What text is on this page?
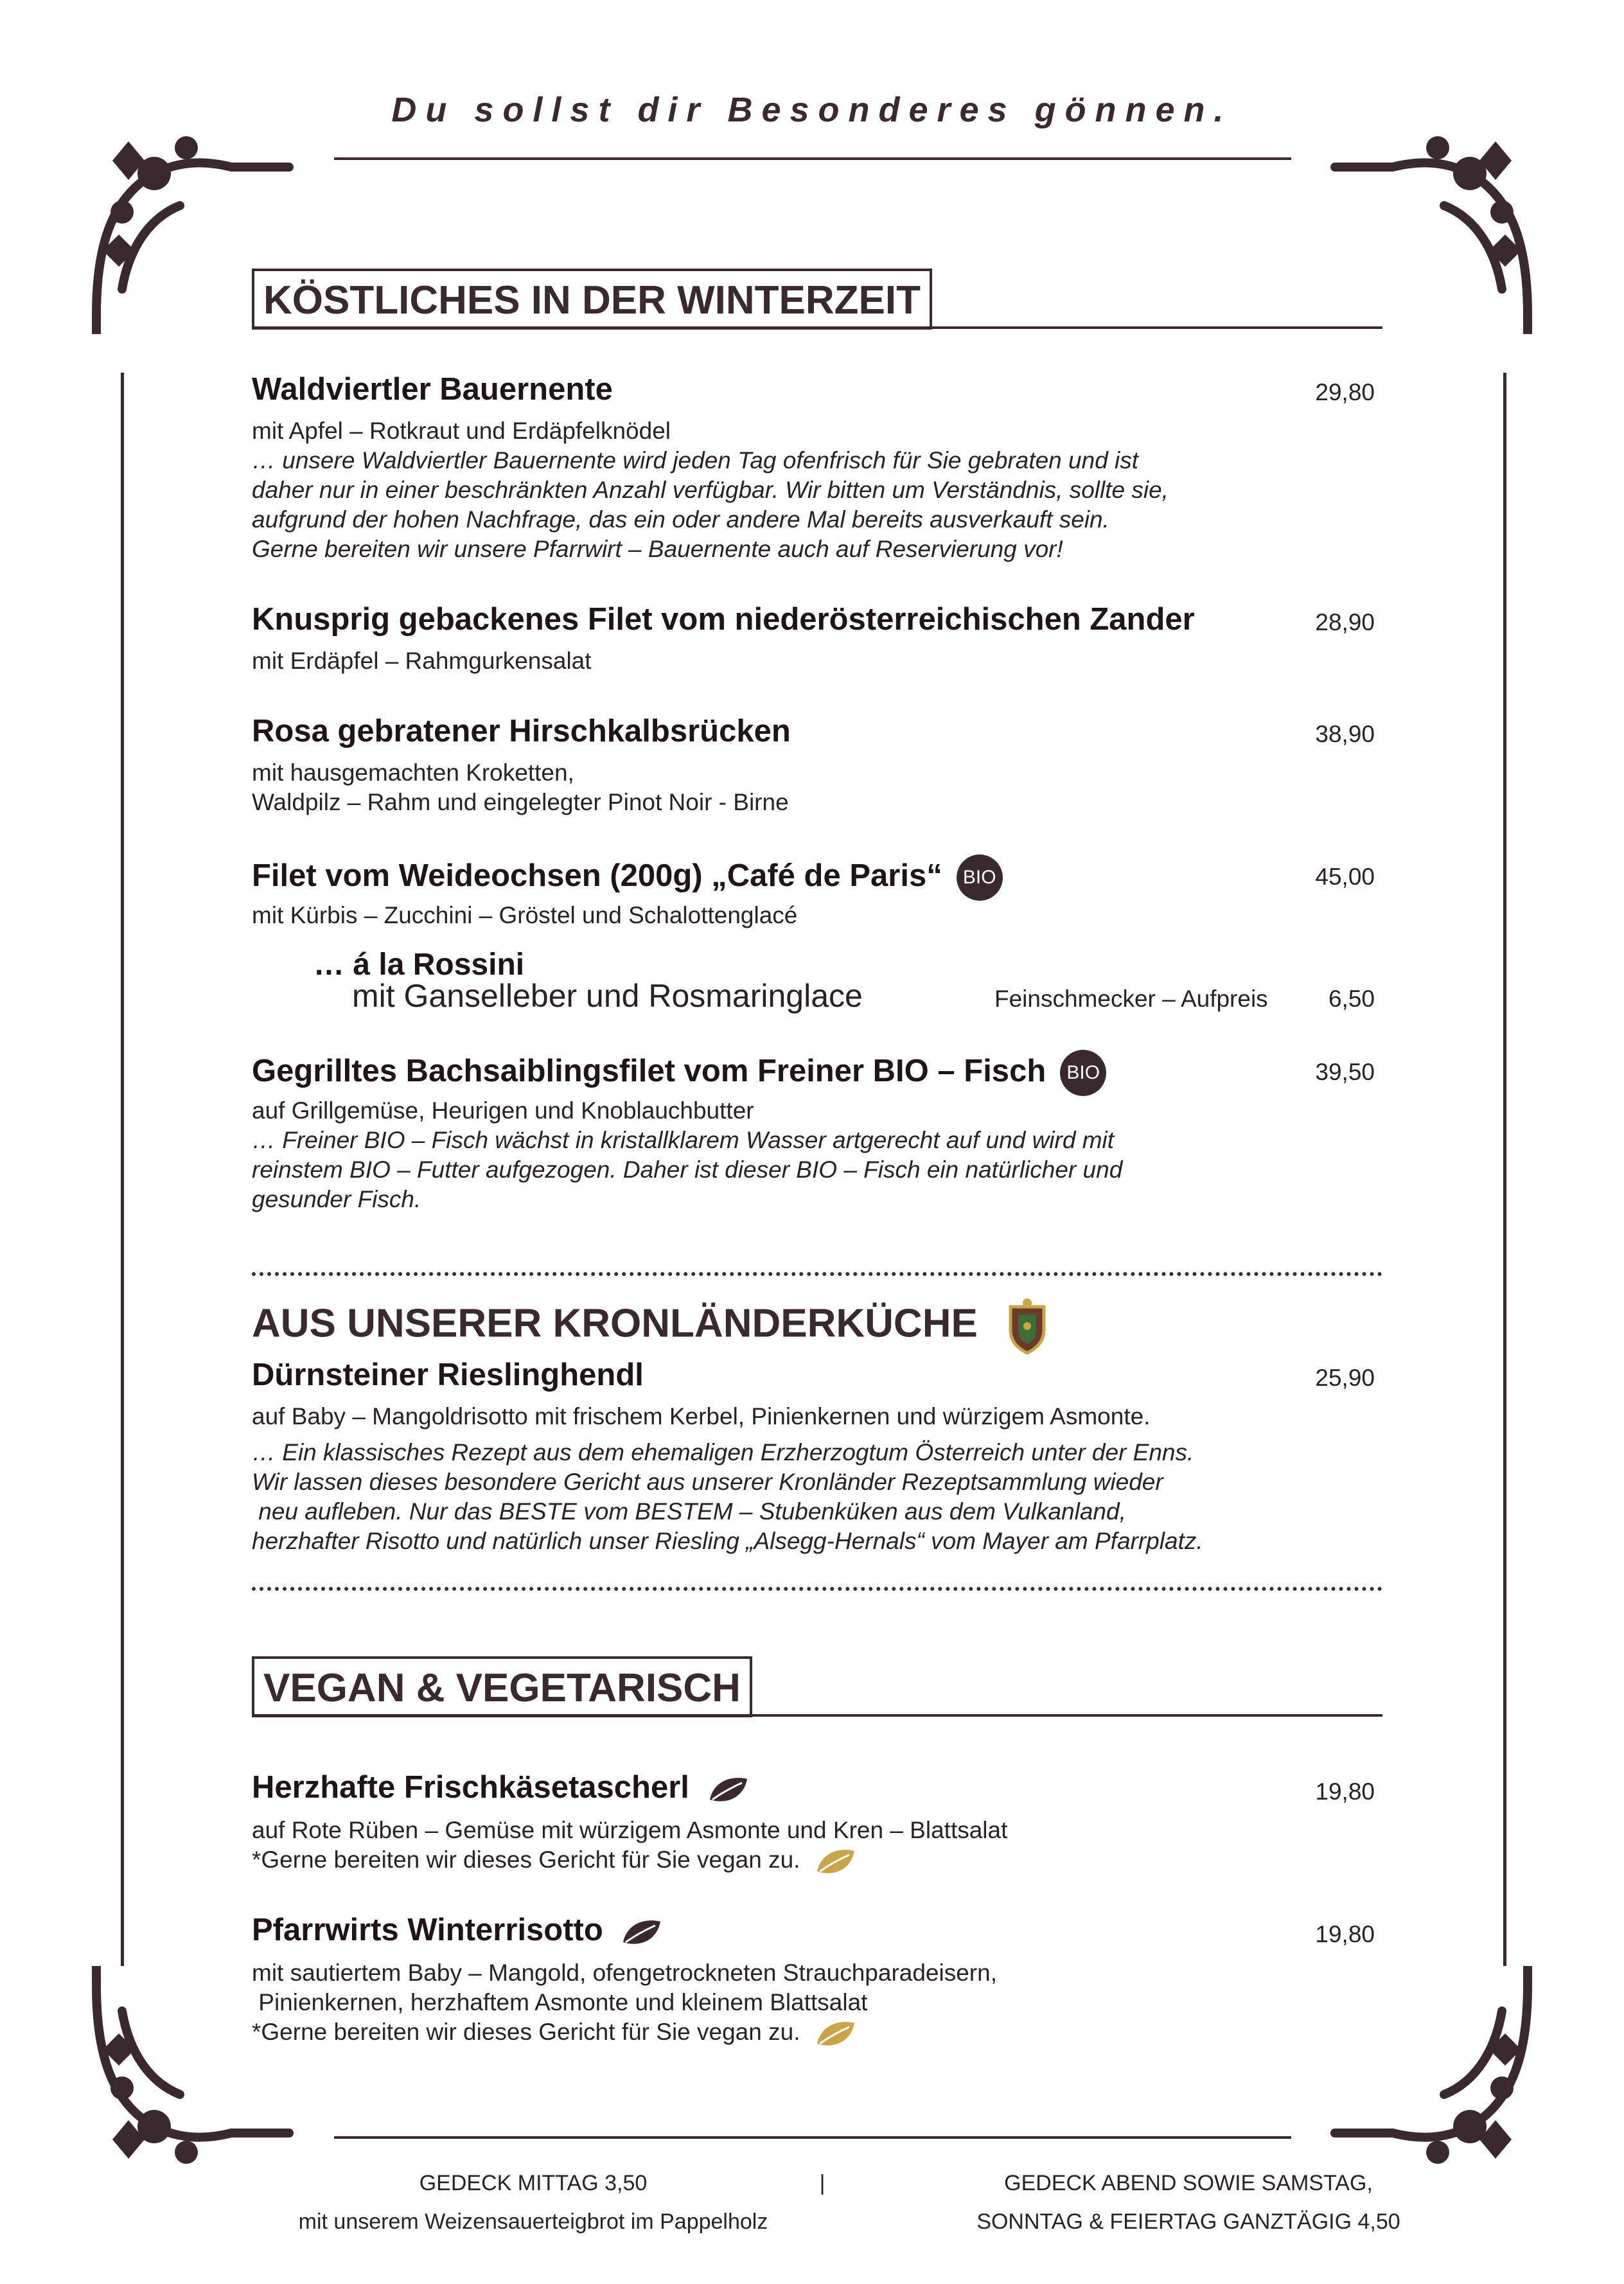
Du sollst dir Besonderes gönnen.
KÖSTLICHES IN DER WINTERZEIT
Waldviertler Bauernente	29,80
mit Apfel – Rotkraut und Erdäpfelknödel
… unsere Waldviertler Bauernente wird jeden Tag ofenfrisch für Sie gebraten und ist
daher nur in einer beschränkten Anzahl verfügbar. Wir bitten um Verständnis, sollte sie,
aufgrund der hohen Nachfrage, das ein oder andere Mal bereits ausverkauft sein.
Gerne bereiten wir unsere Pfarrwirt – Bauernente auch auf Reservierung vor!
Knusprig gebackenes Filet vom niederösterreichischen Zander	28,90
mit Erdäpfel – Rahmgurkensalat
Rosa gebratener Hirschkalbsrücken	38,90
mit hausgemachten Kroketten,
Waldpilz – Rahm und eingelegter Pinot Noir - Birne
Filet vom Weideochsen (200g) „Café de Paris“ BIO	45,00
mit Kürbis – Zucchini – Gröstel und Schalottenglacé
… á la Rossini
mit Ganselleber und Rosmaringlace	Feinschmecker – Aufpreis	6,50
Gegrilltes Bachsaiblingsfilet vom Freiner BIO – Fisch BIO	39,50
auf Grillgemüse, Heurigen und Knoblauchbutter
… Freiner BIO – Fisch wächst in kristallklarem Wasser artgerecht auf und wird mit
reinstem BIO – Futter aufgezogen. Daher ist dieser BIO – Fisch ein natürlicher und
gesunder Fisch.
AUS UNSERER KRONLÄNDERKÜCHE
Dürnsteiner Rieslinghendl	25,90
auf Baby – Mangoldrisotto mit frischem Kerbel, Pinienkernen und würzigem Asmonte.
… Ein klassisches Rezept aus dem ehemaligen Erzherzogtum Österreich unter der Enns.
Wir lassen dieses besondere Gericht aus unserer Kronländer Rezeptsammlung wieder
neu aufleben. Nur das BESTE vom BESTEM – Stubenküken aus dem Vulkanland,
herzhafter Risotto und natürlich unser Riesling „Alsegg-Hernals“ vom Mayer am Pfarrplatz.
VEGAN & VEGETARISCH
Herzhafte Frischkäsetascherl	19,80
auf Rote Rüben – Gemüse mit würzigem Asmonte und Kren – Blattsalat
*Gerne bereiten wir dieses Gericht für Sie vegan zu.
Pfarrwirts Winterrisotto	19,80
mit sautiertem Baby – Mangold, ofengetrockneten Strauchparadeisern,
Pinienkernen, herzhaftem Asmonte und kleinem Blattsalat
*Gerne bereiten wir dieses Gericht für Sie vegan zu.
GEDECK MITTAG 3,50
mit unserem Weizensauerteigbrot im Pappelholz
|	GEDECK ABEND SOWIE SAMSTAG,
SONNTAG & FEIERTAG GANZTÄGIG 4,50
